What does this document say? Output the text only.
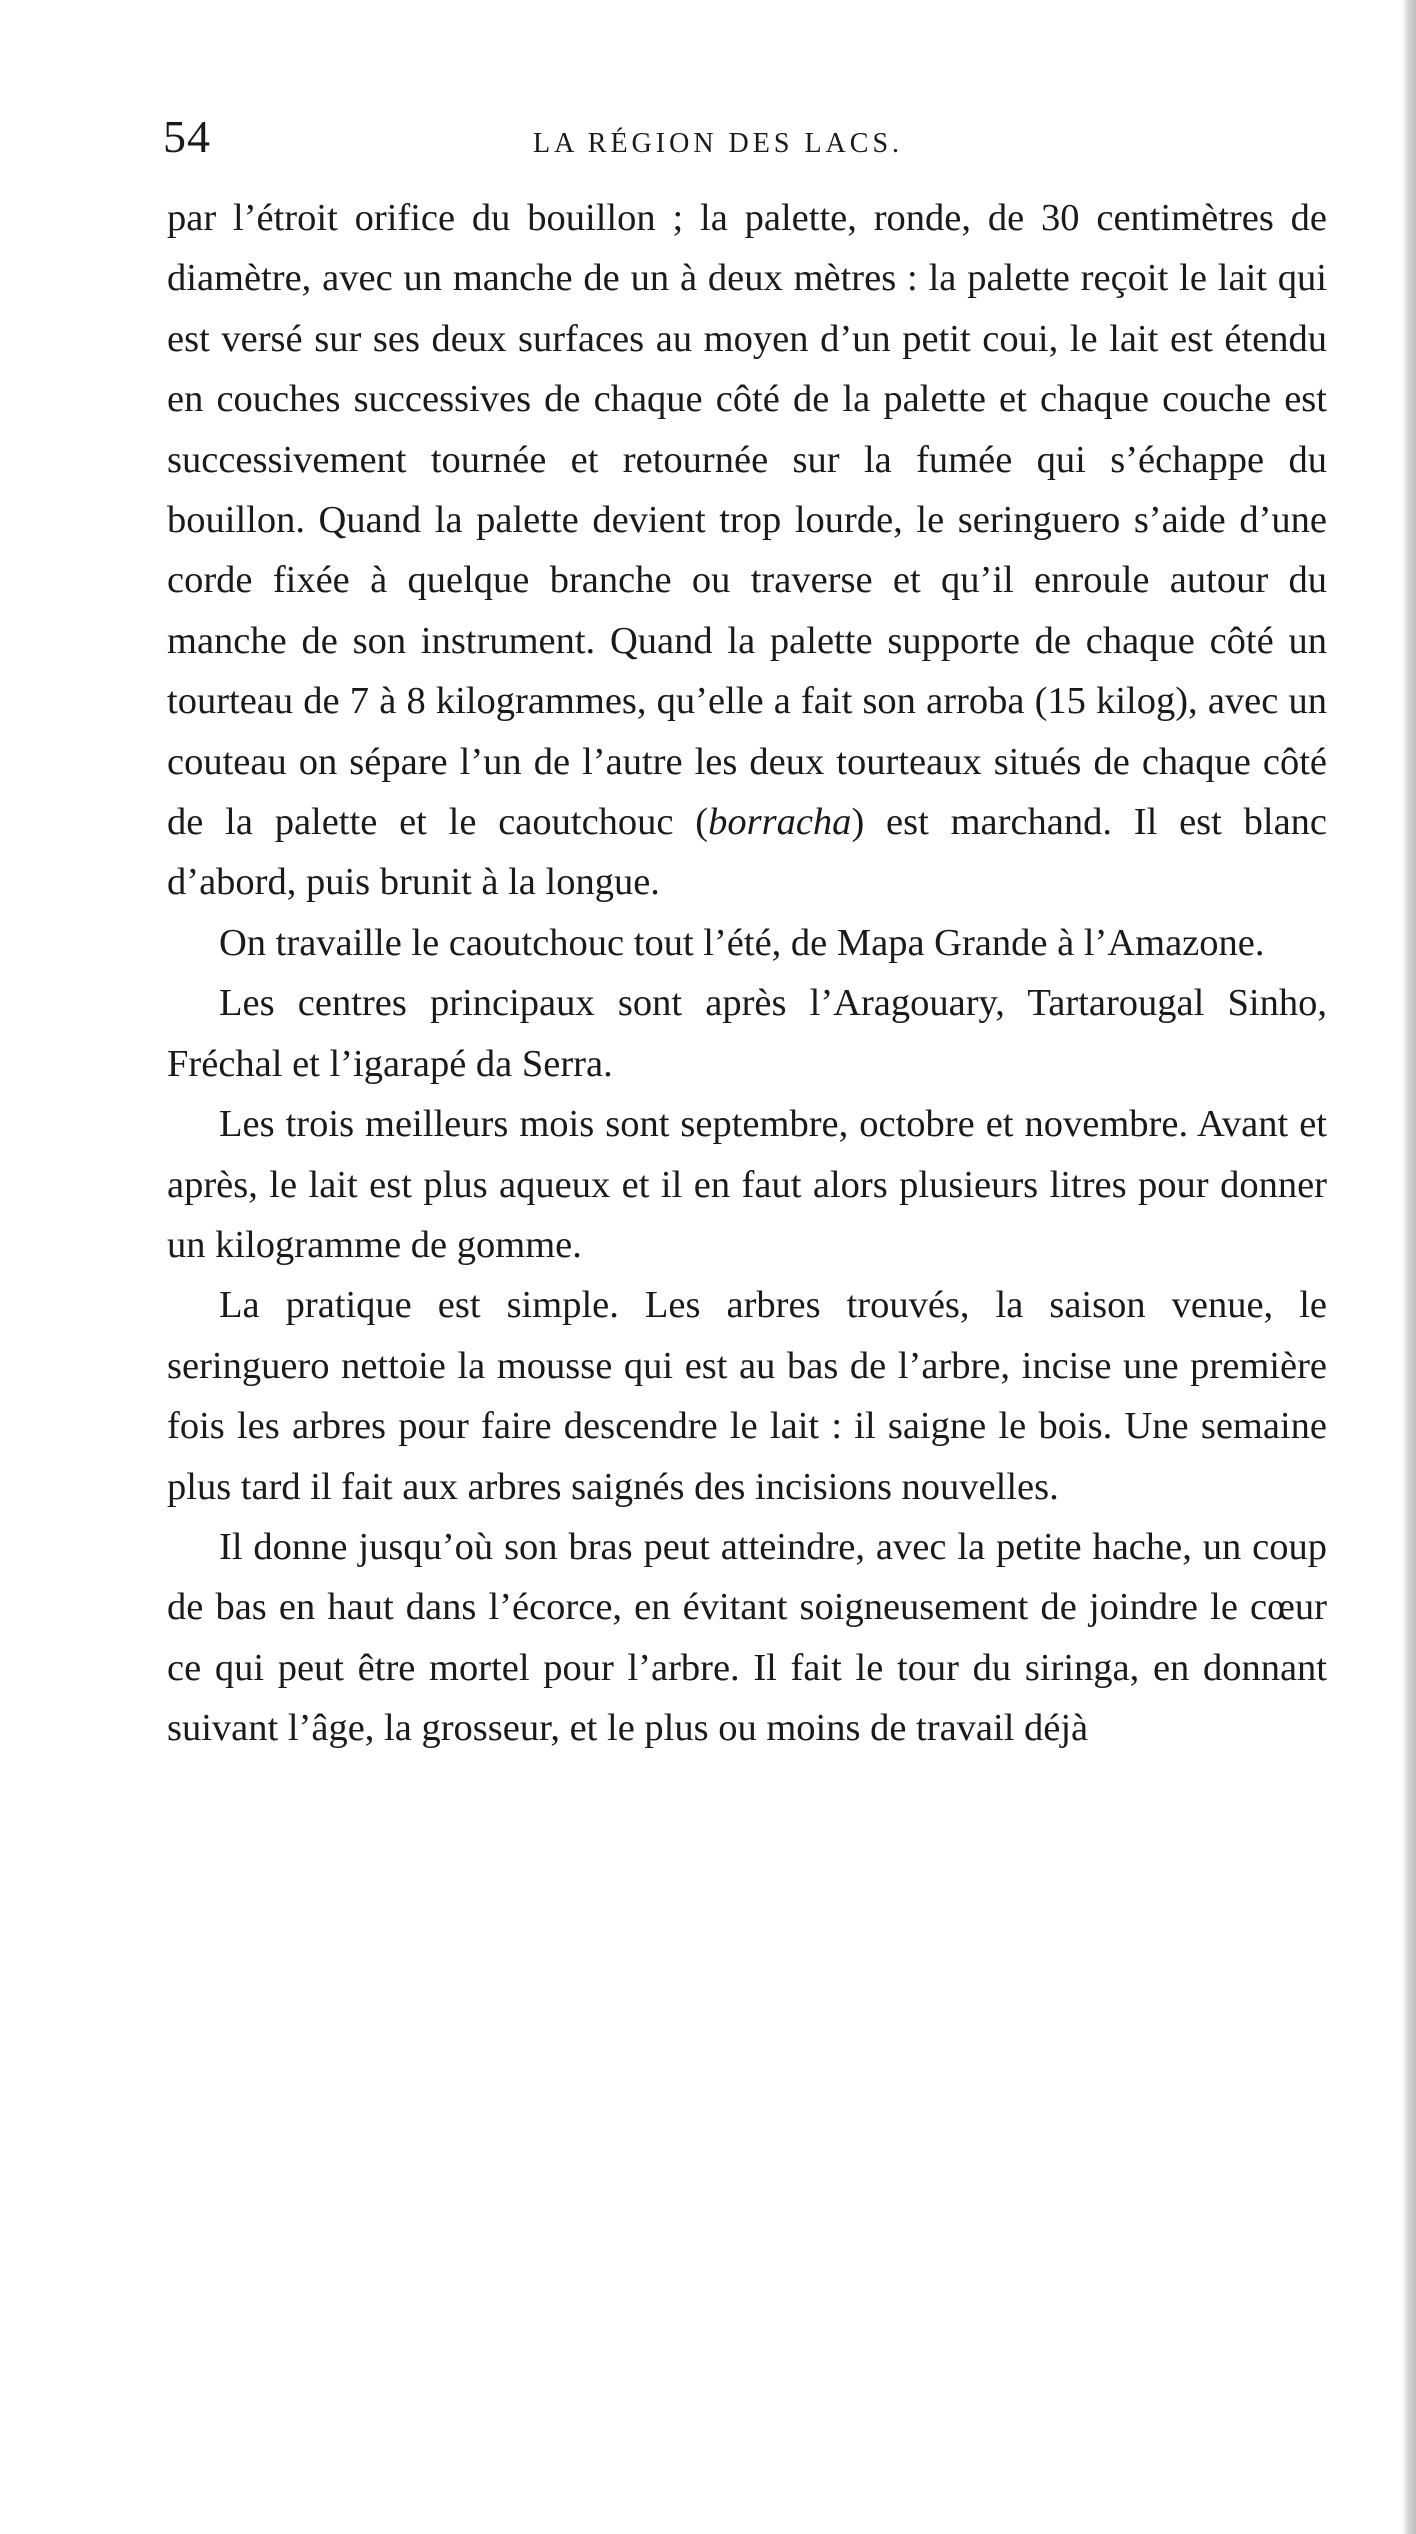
54	LA RÉGION DES LACS.

par l’étroit orifice du bouillon ; la palette, ronde, de 30 centimètres de diamètre, avec un manche de un à deux mètres : la palette reçoit le lait qui est versé sur ses deux surfaces au moyen d’un petit coui, le lait est étendu en couches successives de chaque côté de la palette et chaque couche est successivement tournée et retournée sur la fumée qui s’échappe du bouillon. Quand la palette devient trop lourde, le seringuero s’aide d’une corde fixée à quelque branche ou traverse et qu’il enroule autour du manche de son instrument. Quand la palette supporte de chaque côté un tourteau de 7 à 8 kilogrammes, qu’elle a fait son arroba (15 kilog), avec un couteau on sépare l’un de l’autre les deux tourteaux situés de chaque côté de la palette et le caoutchouc (borracha) est marchand. Il est blanc d’abord, puis brunit à la longue.

On travaille le caoutchouc tout l’été, de Mapa Grande à l’Amazone.

Les centres principaux sont après l’Aragouary, Tartarougal Sinho, Fréchal et l’igarapé da Serra.

Les trois meilleurs mois sont septembre, octobre et novembre. Avant et après, le lait est plus aqueux et il en faut alors plusieurs litres pour donner un kilogramme de gomme.

La pratique est simple. Les arbres trouvés, la saison venue, le seringuero nettoie la mousse qui est au bas de l’arbre, incise une première fois les arbres pour faire descendre le lait : il saigne le bois. Une semaine plus tard il fait aux arbres saignés des incisions nouvelles.

Il donne jusqu’où son bras peut atteindre, avec la petite hache, un coup de bas en haut dans l’écorce, en évitant soigneusement de joindre le cœur ce qui peut être mortel pour l’arbre. Il fait le tour du siringa, en donnant suivant l’âge, la grosseur, et le plus ou moins de travail déjà
